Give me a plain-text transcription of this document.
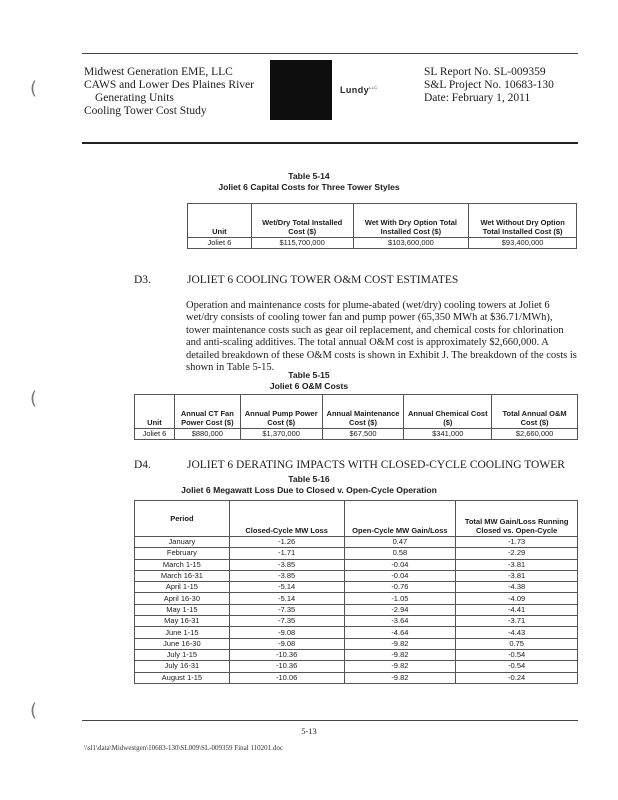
Midwest Generation EME, LLC
CAWS and Lower Des Plaines River
Generating Units
Cooling Tower Cost Study
Lundy$^{LLC}$
SL Report No. SL-009359
S&L Project No. 10683-130
Date: February 1, 2011
(
(
(
Table 5-14
Joliet 6 Capital Costs for Three Tower Styles
Unit	Wet/Dry Total Installed Cost ($)	Wet With Dry Option Total Installed Cost ($)	Wet Without Dry Option Total Installed Cost ($)
Joliet 6	$115,700,000	$103,600,000	$93,400,000
D3.	JOLIET 6 COOLING TOWER O&M COST ESTIMATES
Operation and maintenance costs for plume-abated (wet/dry) cooling towers at Joliet 6 wet/dry consists of cooling tower fan and pump power (65,350 MWh at $36.71/MWh), tower maintenance costs such as gear oil replacement, and chemical costs for chlorination and anti-scaling additives. The total annual O&M cost is approximately $2,660,000. A detailed breakdown of these O&M costs is shown in Exhibit J. The breakdown of the costs is shown in Table 5-15.
Table 5-15
Joliet 6 O&M Costs
Unit	Annual CT Fan Power Cost ($)	Annual Pump Power Cost ($)	Annual Maintenance Cost ($)	Annual Chemical Cost ($)	Total Annual O&M Cost ($)
Joliet 6	$880,000	$1,370,000	$67,500	$341,000	$2,660,000
D4.	JOLIET 6 DERATING IMPACTS WITH CLOSED-CYCLE COOLING TOWER
Table 5-16
Joliet 6 Megawatt Loss Due to Closed v. Open-Cycle Operation
Period	Closed-Cycle MW Loss	Open-Cycle MW Gain/Loss	Total MW Gain/Loss Running Closed vs. Open-Cycle
January	-1.26	0.47	-1.73
February	-1.71	0.58	-2.29
March 1-15	-3.85	-0.04	-3.81
March 16-31	-3.85	-0.04	-3.81
April 1-15	-5.14	-0.76	-4.38
April 16-30	-5.14	-1.05	-4.09
May 1-15	-7.35	-2.94	-4.41
May 16-31	-7.35	-3.64	-3.71
June 1-15	-9.08	-4.64	-4.43
June 16-30	-9.08	-9.82	0.75
July 1-15	-10.36	-9.82	-0.54
July 16-31	-10.36	-9.82	-0.54
August 1-15	-10.06	-9.82	-0.24
5-13
\\sl1\data\Midwestgen\10683-130\SL009\SL-009359 Final 110201.doc
